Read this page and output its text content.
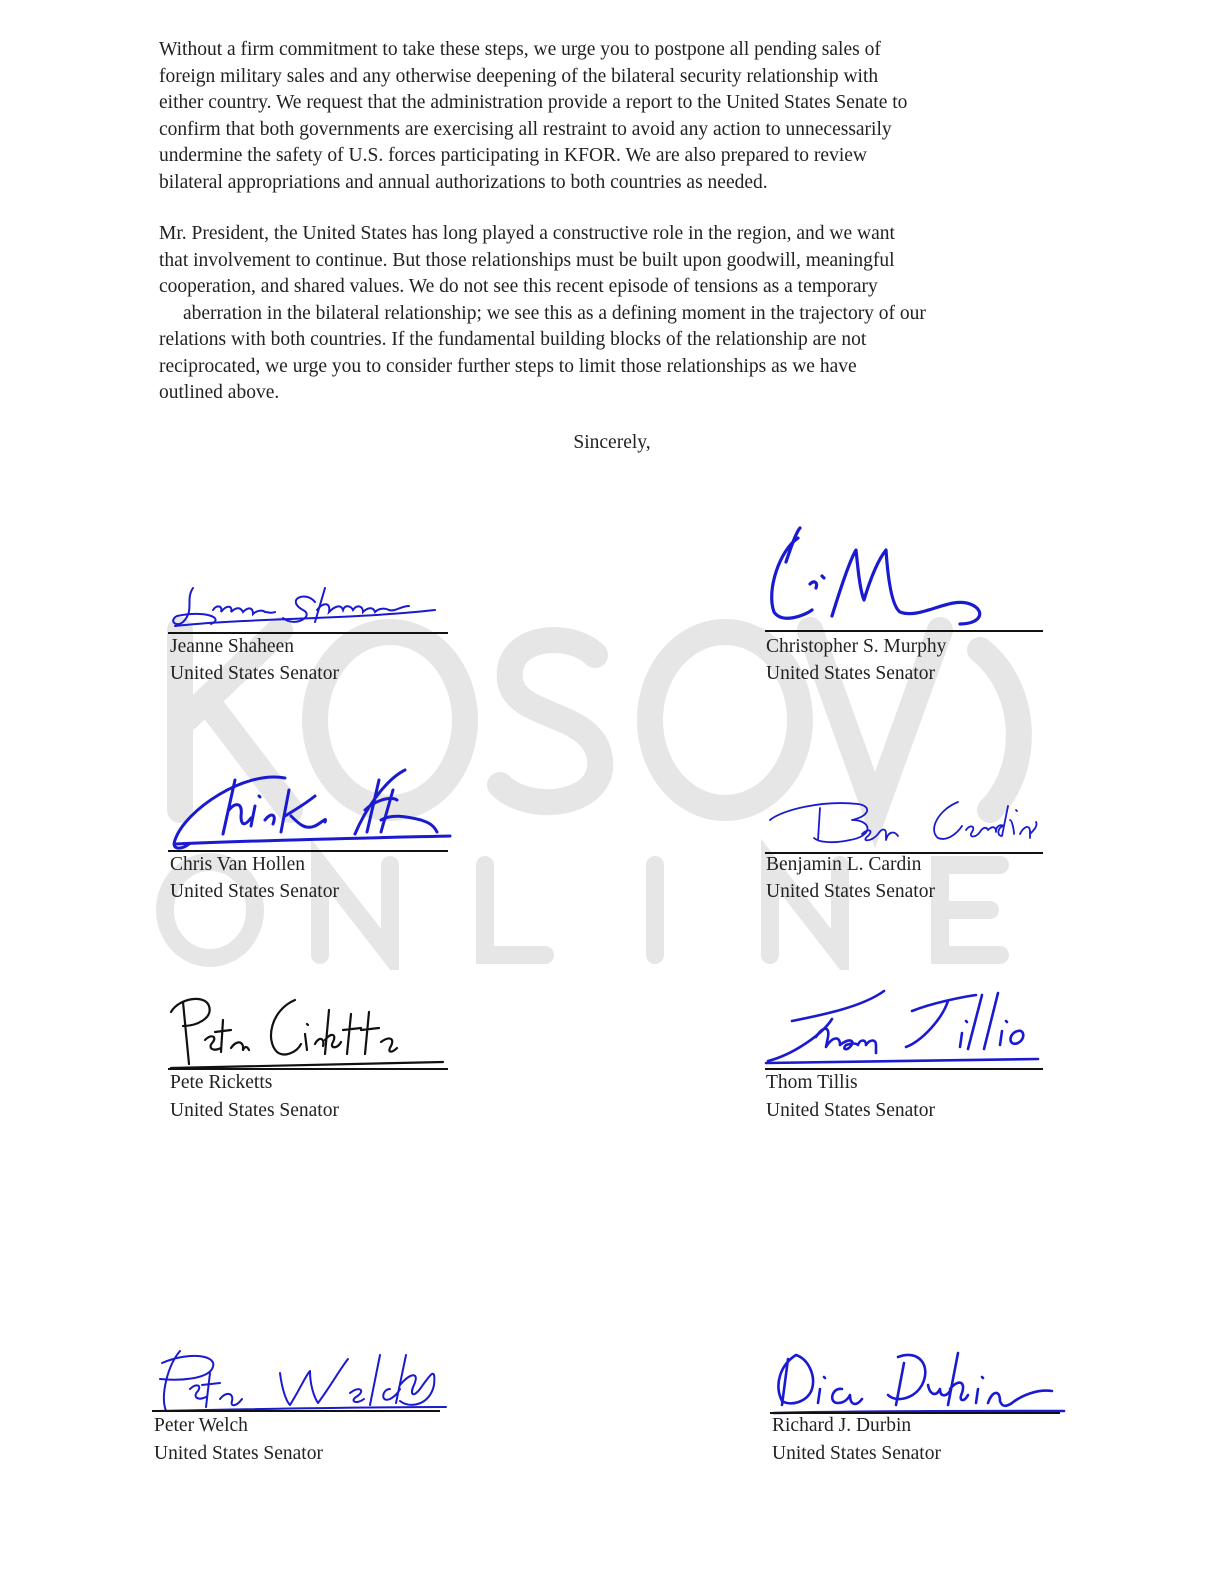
Without a firm commitment to take these steps, we urge you to postpone all pending sales of
foreign military sales and any otherwise deepening of the bilateral security relationship with
either country. We request that the administration provide a report to the United States Senate to
confirm that both governments are exercising all restraint to avoid any action to unnecessarily
undermine the safety of U.S. forces participating in KFOR. We are also prepared to review
bilateral appropriations and annual authorizations to both countries as needed.
Mr. President, the United States has long played a constructive role in the region, and we want
that involvement to continue. But those relationships must be built upon goodwill, meaningful
cooperation, and shared values. We do not see this recent episode of tensions as a temporary
aberration in the bilateral relationship; we see this as a defining moment in the trajectory of our
relations with both countries. If the fundamental building blocks of the relationship are not
reciprocated, we urge you to consider further steps to limit those relationships as we have
outlined above.
Sincerely,
Jeanne Shaheen
United States Senator
Christopher S. Murphy
United States Senator
Chris Van Hollen
United States Senator
Benjamin L. Cardin
United States Senator
Pete Ricketts
United States Senator
Thom Tillis
United States Senator
Peter Welch
United States Senator
Richard J. Durbin
United States Senator
